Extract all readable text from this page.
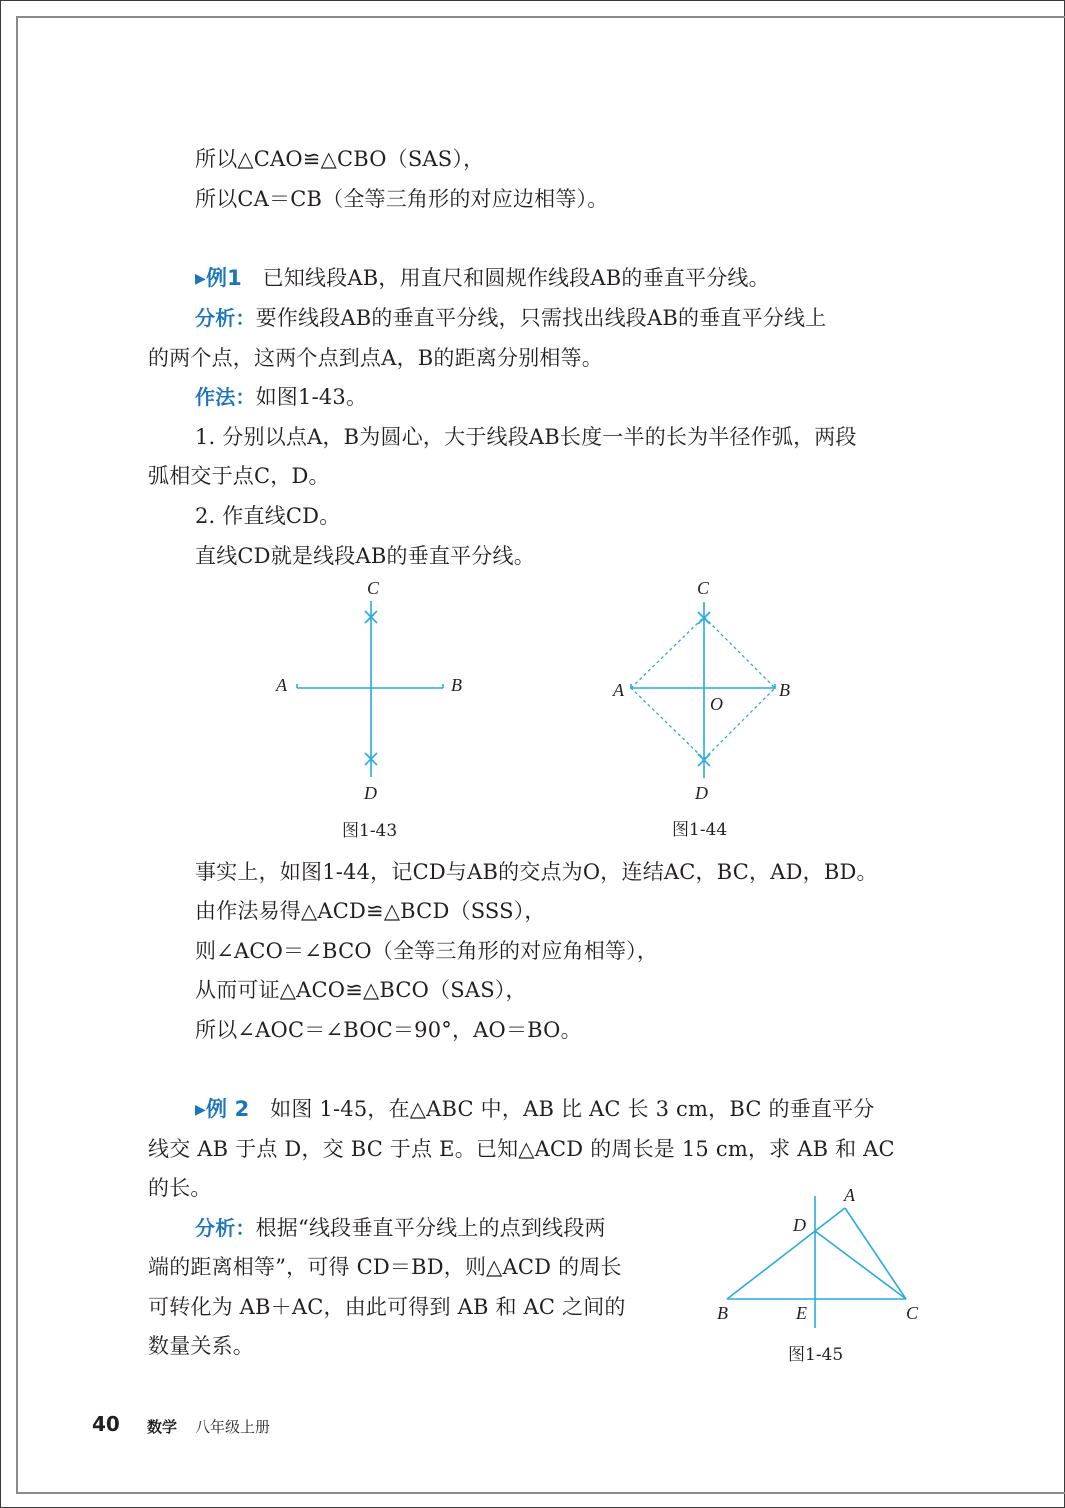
所以△CAO≌△CBO（SAS），
所以CA＝CB（全等三角形的对应边相等）。
▶例1 已知线段AB，用直尺和圆规作线段AB的垂直平分线。
分析：要作线段AB的垂直平分线，只需找出线段AB的垂直平分线上
的两个点，这两个点到点A，B的距离分别相等。
作法：如图1-43。
1. 分别以点A，B为圆心，大于线段AB长度一半的长为半径作弧，两段
弧相交于点C，D。
2. 作直线CD。
直线CD就是线段AB的垂直平分线。
C
A	B
D
C
A	B
O
D
A
D
B	E	C
图1-43	图1-44
事实上，如图1-44，记CD与AB的交点为O，连结AC，BC，AD，BD。
由作法易得△ACD≌△BCD（SSS），
则∠ACO＝∠BCO（全等三角形的对应角相等），
从而可证△ACO≌△BCO（SAS），
所以∠AOC＝∠BOC＝90°，AO＝BO。
▶例 2 如图 1-45，在△ABC 中，AB 比 AC 长 3 cm，BC 的垂直平分
线交 AB 于点 D，交 BC 于点 E。已知△ACD 的周长是 15 cm，求 AB 和 AC
的长。
分析：根据“线段垂直平分线上的点到线段两
端的距离相等”，可得 CD＝BD，则△ACD 的周长
可转化为 AB＋AC，由此可得到 AB 和 AC 之间的
数量关系。	图1-45
40 数学 八年级上册
